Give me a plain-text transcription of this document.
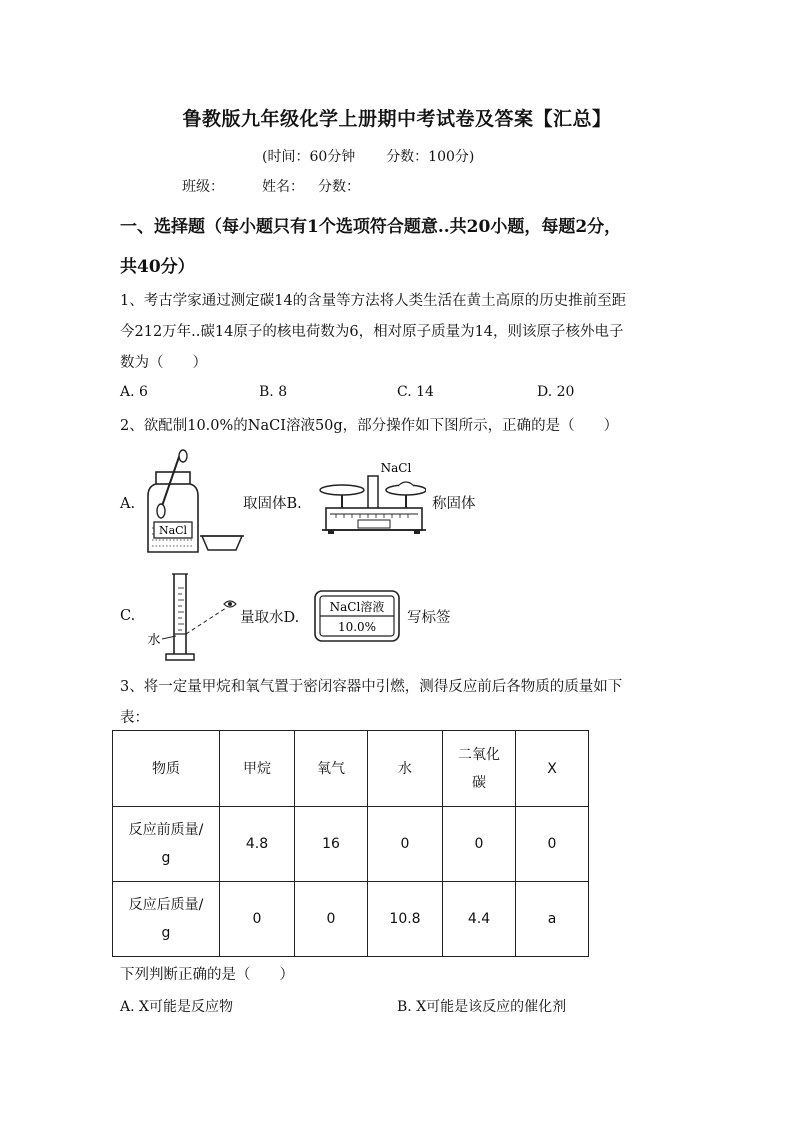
鲁教版九年级化学上册期中考试卷及答案【汇总】
(时间：60分钟 分数：100分)
班级：	姓名： 分数：
一、选择题（每小题只有1个选项符合题意..共20小题，每题2分，
共40分）
1、考古学家通过测定碳14的含量等方法将人类生活在黄土高原的历史推前至距
今212万年..碳14原子的核电荷数为6，相对原子质量为14，则该原子核外电子
数为（　　）
A. 6	B. 8	C. 14	D. 20
2、欲配制10.0%的NaCI溶液50g，部分操作如下图所示，正确的是（　　）
A.
NaCl
取固体B.
NaCl
称固体
C.
水
量取水D.
NaCl溶液
10.0%
写标签
3、将一定量甲烷和氧气置于密闭容器中引燃，测得反应前后各物质的质量如下
表：
物质	甲烷	氧气	水	二氧化
碳	X
反应前质量/
g	4.8	16	0	0	0
反应后质量/
g	0	0	10.8	4.4	a
下列判断正确的是（　　）
A. X可能是反应物	B. X可能是该反应的催化剂
